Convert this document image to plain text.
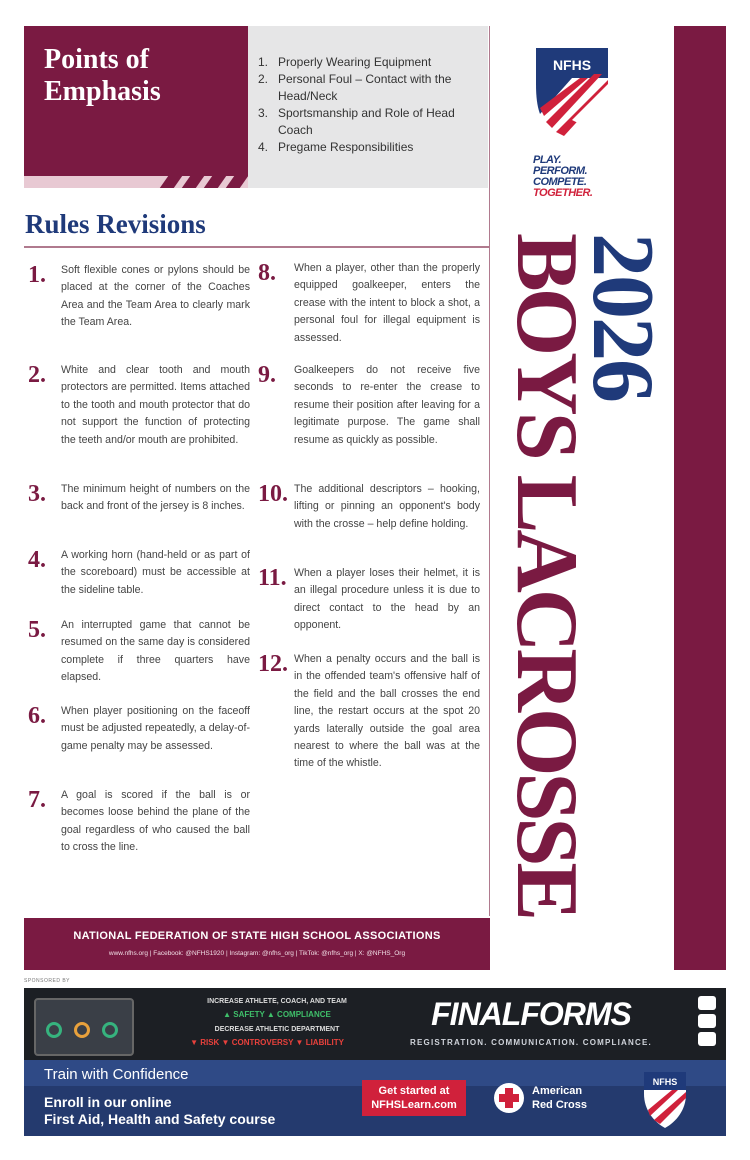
Points of Emphasis
1. Properly Wearing Equipment
2. Personal Foul – Contact with the Head/Neck
3. Sportsmanship and Role of Head Coach
4. Pregame Responsibilities
Rules Revisions
1.	Soft flexible cones or pylons should be placed at the corner of the Coaches Area and the Team Area to clearly mark the Team Area.
2.	White and clear tooth and mouth protectors are permitted. Items attached to the tooth and mouth protector that do not support the function of protecting the teeth and/or mouth are prohibited.
3.	The minimum height of numbers on the back and front of the jersey is 8 inches.
4.	A working horn (hand-held or as part of the scoreboard) must be accessible at the sideline table.
5.	An interrupted game that cannot be resumed on the same day is considered complete if three quarters have elapsed.
6.	When player positioning on the faceoff must be adjusted repeatedly, a delay-of-game penalty may be assessed.
7.	A goal is scored if the ball is or becomes loose behind the plane of the goal regardless of who caused the ball to cross the line.
8.	When a player, other than the properly equipped goalkeeper, enters the crease with the intent to block a shot, a personal foul for illegal equipment is assessed.
9.	Goalkeepers do not receive five seconds to re-enter the crease to resume their position after leaving for a legitimate purpose. The game shall resume as quickly as possible.
10. The additional descriptors – hooking, lifting or pinning an opponent's body with the crosse – help define holding.
11. When a player loses their helmet, it is an illegal procedure unless it is due to direct contact to the head by an opponent.
12. When a penalty occurs and the ball is in the offended team's offensive half of the field and the ball crosses the end line, the restart occurs at the spot 20 yards laterally outside the goal area nearest to where the ball was at the time of the whistle.
NATIONAL FEDERATION OF STATE HIGH SCHOOL ASSOCIATIONS
www.nfhs.org | Facebook: @NFHS1920 | Instagram: @nfhs_org | TikTok: @nfhs_org | X: @NFHS_Org
NFHS
PLAY.
PERFORM.
COMPETE.
TOGETHER.
2026
BOYS LACROSSE
SPONSORED BY
INCREASE ATHLETE, COACH, AND TEAM
▲ SAFETY ▲ COMPLIANCE
DECREASE ATHLETIC DEPARTMENT
▼ RISK ▼ CONTROVERSY ▼ LIABILITY
FINALFORMS
REGISTRATION. COMMUNICATION. COMPLIANCE.
Train with Confidence
Enroll in our online
First Aid, Health and Safety course
Get started at
NFHSLearn.com
American
Red Cross
NFHS
